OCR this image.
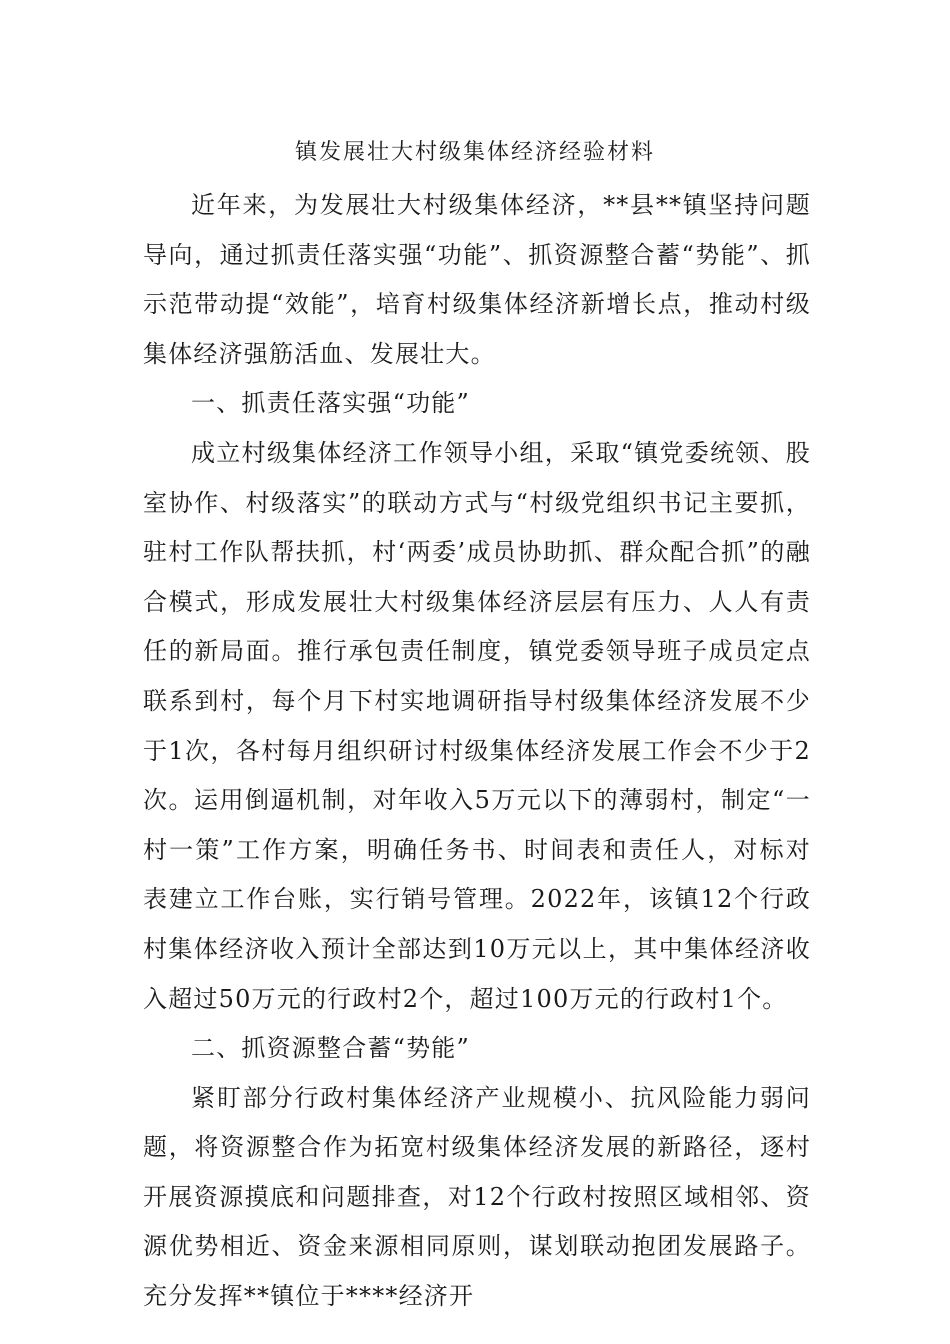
镇发展壮大村级集体经济经验材料

近年来，为发展壮大村级集体经济，**县**镇坚持问题导向，通过抓责任落实强“功能”、抓资源整合蓄“势能”、抓示范带动提“效能”，培育村级集体经济新增长点，推动村级集体经济强筋活血、发展壮大。

一、抓责任落实强“功能”

成立村级集体经济工作领导小组，采取“镇党委统领、股室协作、村级落实”的联动方式与“村级党组织书记主要抓，驻村工作队帮扶抓，村‘两委’成员协助抓、群众配合抓”的融合模式，形成发展壮大村级集体经济层层有压力、人人有责任的新局面。推行承包责任制度，镇党委领导班子成员定点联系到村，每个月下村实地调研指导村级集体经济发展不少于1次，各村每月组织研讨村级集体经济发展工作会不少于2次。运用倒逼机制，对年收入5万元以下的薄弱村，制定“一村一策”工作方案，明确任务书、时间表和责任人，对标对表建立工作台账，实行销号管理。2022年，该镇12个行政村集体经济收入预计全部达到10万元以上，其中集体经济收入超过50万元的行政村2个，超过100万元的行政村1个。

二、抓资源整合蓄“势能”

紧盯部分行政村集体经济产业规模小、抗风险能力弱问题，将资源整合作为拓宽村级集体经济发展的新路径，逐村开展资源摸底和问题排查，对12个行政村按照区域相邻、资源优势相近、资金来源相同原则，谋划联动抱团发展路子。充分发挥**镇位于****经济开
